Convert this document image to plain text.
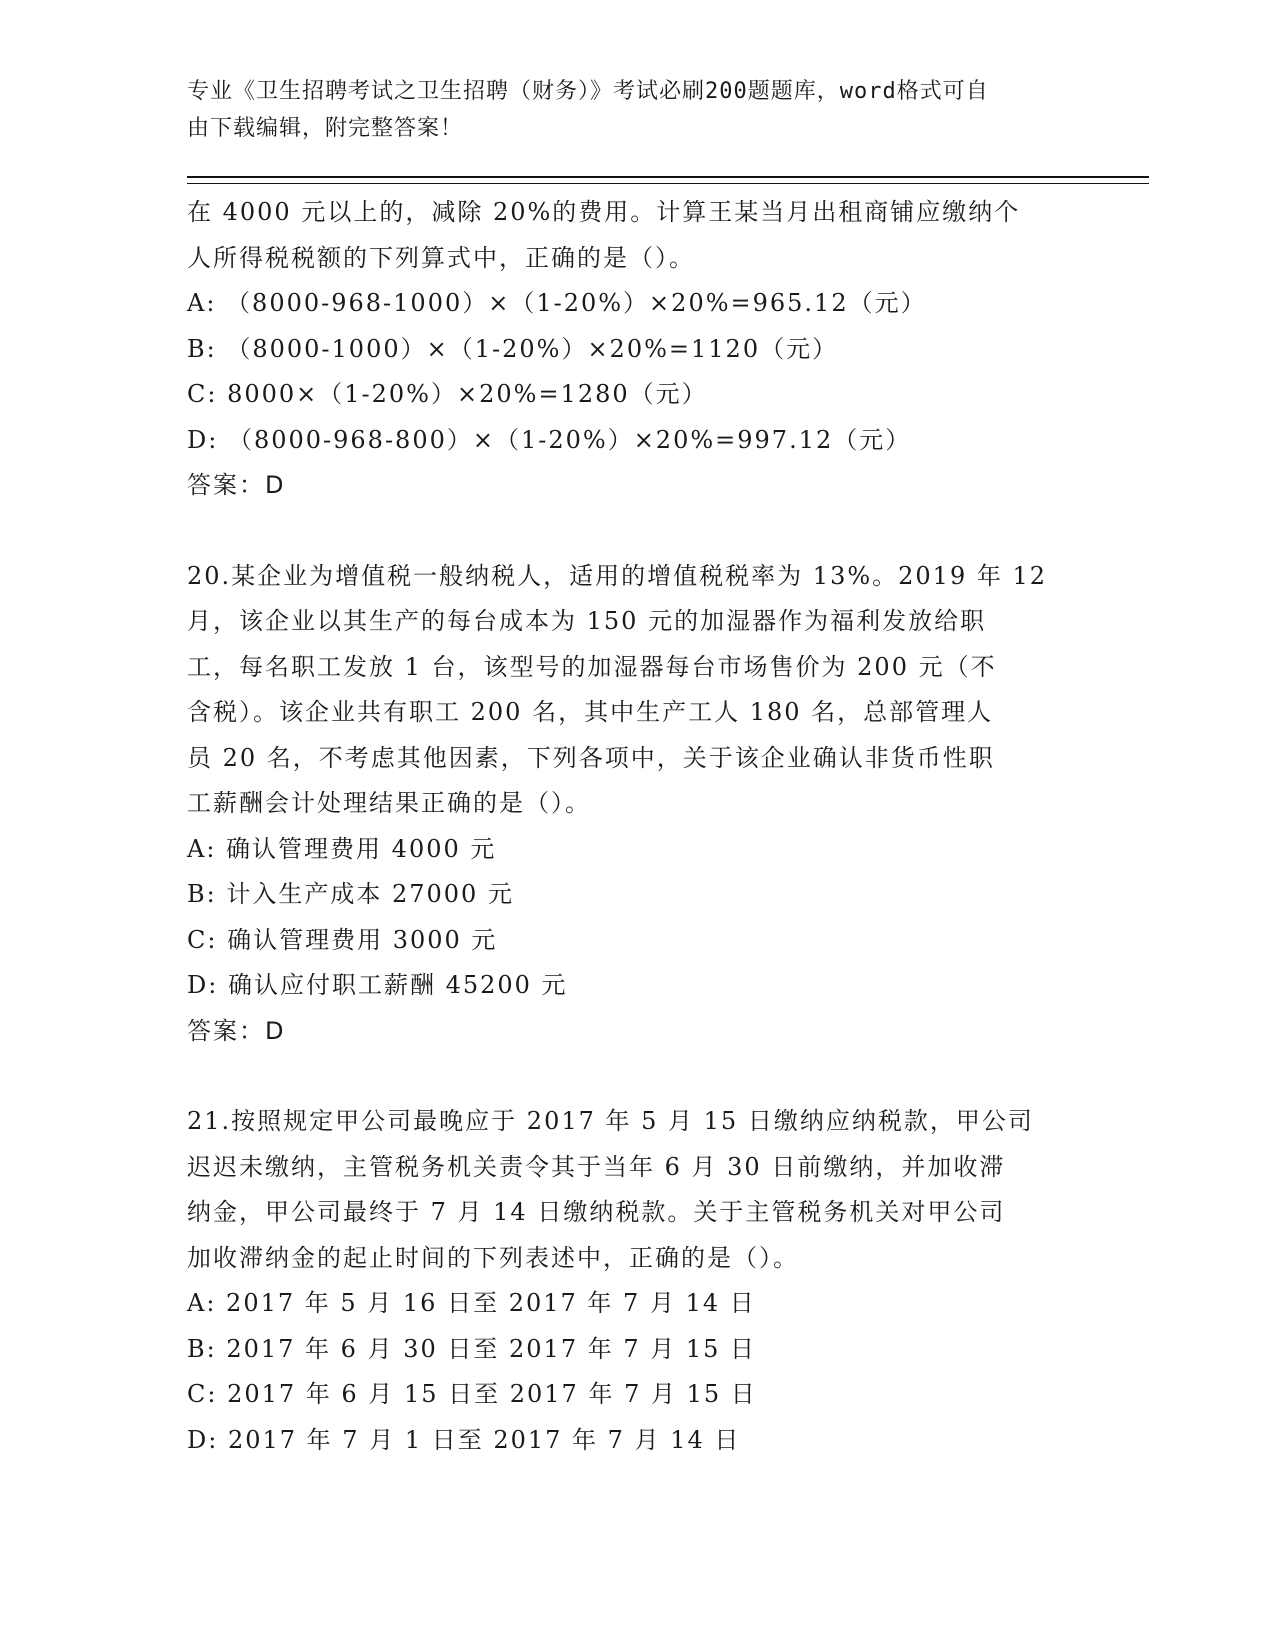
专业《卫生招聘考试之卫生招聘（财务）》考试必刷200题题库，word格式可自
由下载编辑，附完整答案！
在 4000 元以上的，减除 20%的费用。计算王某当月出租商铺应缴纳个
人所得税税额的下列算式中，正确的是（）。
A: （8000-968-1000）×（1-20%）×20%=965.12（元）
B: （8000-1000）×（1-20%）×20%=1120（元）
C: 8000×（1-20%）×20%=1280（元）
D: （8000-968-800）×（1-20%）×20%=997.12（元）
答案：D
20.某企业为增值税一般纳税人，适用的增值税税率为 13%。2019 年 12
月，该企业以其生产的每台成本为 150 元的加湿器作为福利发放给职
工，每名职工发放 1 台，该型号的加湿器每台市场售价为 200 元（不
含税）。该企业共有职工 200 名，其中生产工人 180 名，总部管理人
员 20 名，不考虑其他因素，下列各项中，关于该企业确认非货币性职
工薪酬会计处理结果正确的是（）。
A: 确认管理费用 4000 元
B: 计入生产成本 27000 元
C: 确认管理费用 3000 元
D: 确认应付职工薪酬 45200 元
答案：D
21.按照规定甲公司最晚应于 2017 年 5 月 15 日缴纳应纳税款，甲公司
迟迟未缴纳，主管税务机关责令其于当年 6 月 30 日前缴纳，并加收滞
纳金，甲公司最终于 7 月 14 日缴纳税款。关于主管税务机关对甲公司
加收滞纳金的起止时间的下列表述中，正确的是（）。
A: 2017 年 5 月 16 日至 2017 年 7 月 14 日
B: 2017 年 6 月 30 日至 2017 年 7 月 15 日
C: 2017 年 6 月 15 日至 2017 年 7 月 15 日
D: 2017 年 7 月 1 日至 2017 年 7 月 14 日
